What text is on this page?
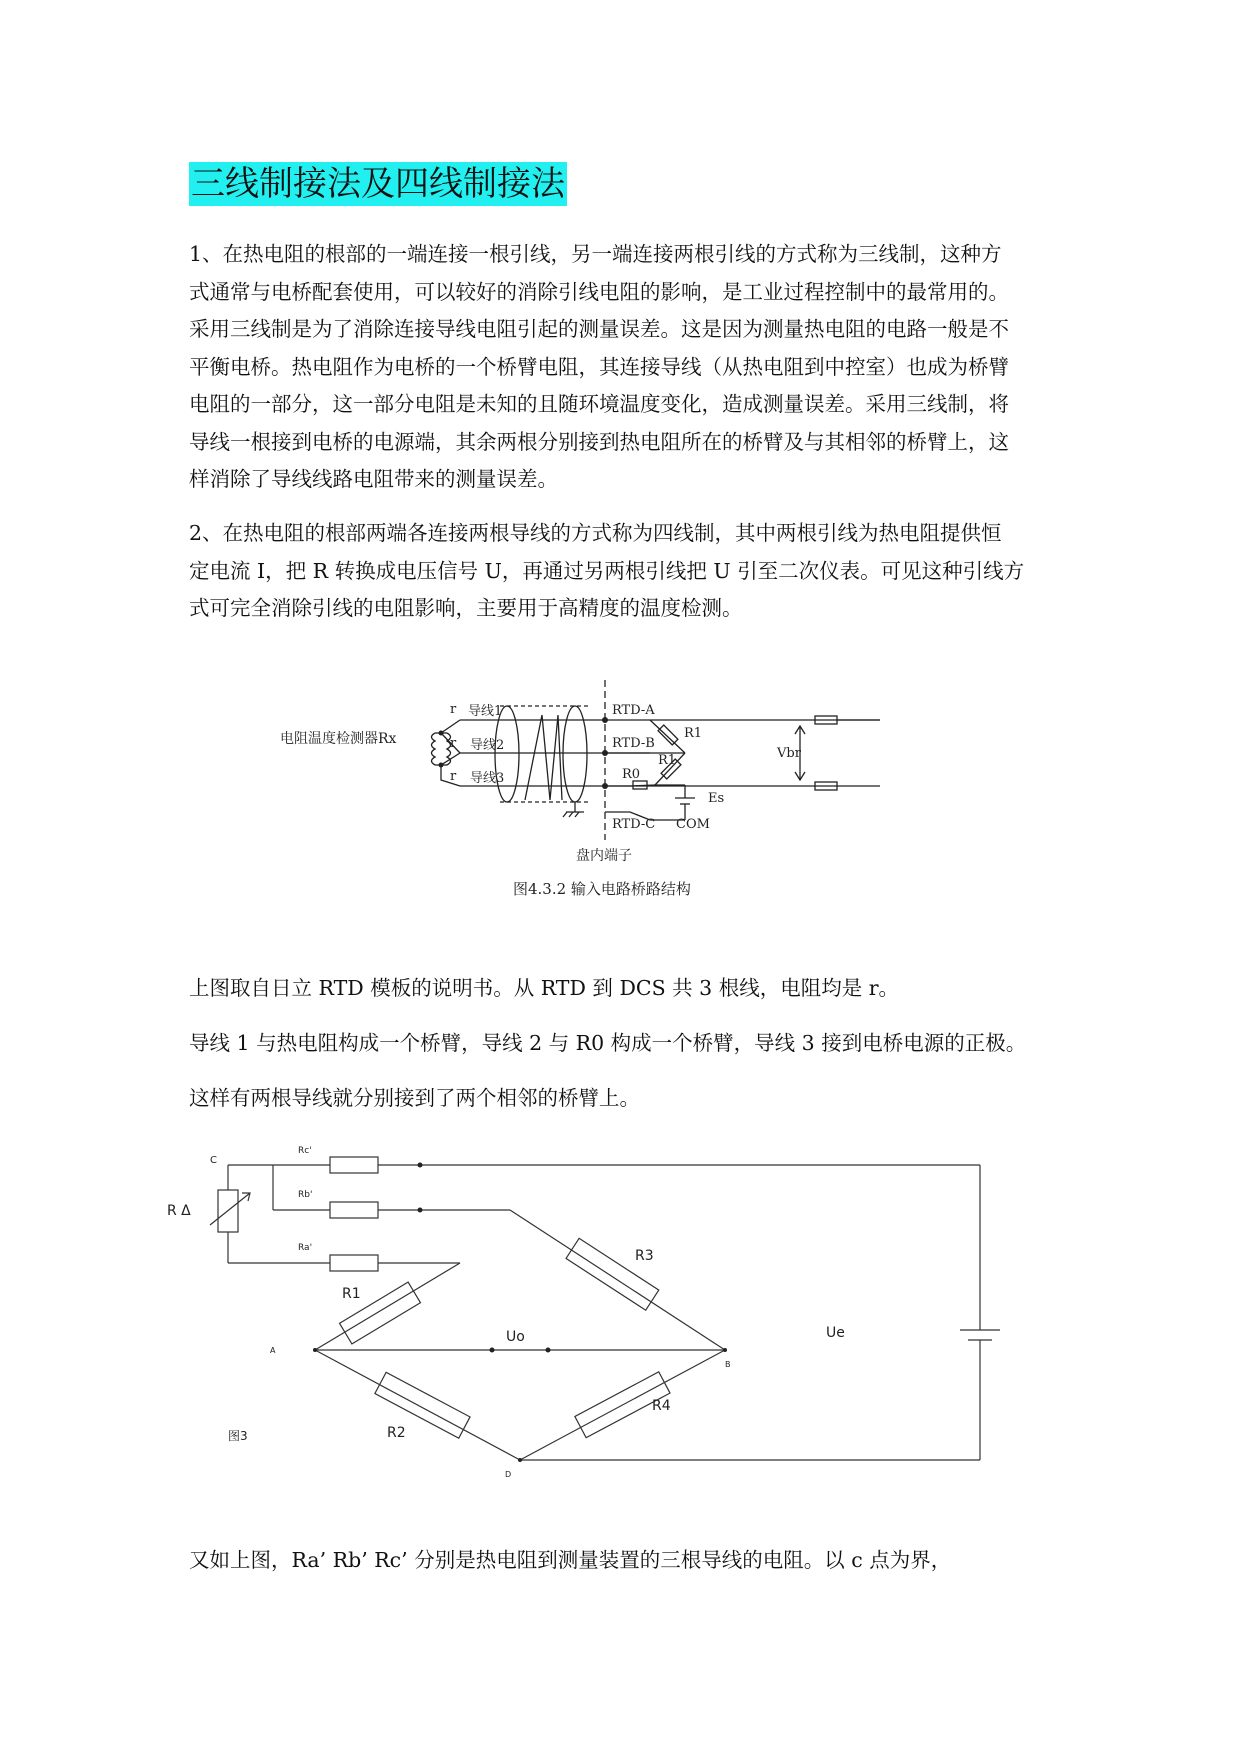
三线制接法及四线制接法

1、在热电阻的根部的一端连接一根引线，另一端连接两根引线的方式称为三线制，这种方
式通常与电桥配套使用，可以较好的消除引线电阻的影响，是工业过程控制中的最常用的。
采用三线制是为了消除连接导线电阻引起的测量误差。这是因为测量热电阻的电路一般是不
平衡电桥。热电阻作为电桥的一个桥臂电阻，其连接导线（从热电阻到中控室）也成为桥臂
电阻的一部分，这一部分电阻是未知的且随环境温度变化，造成测量误差。采用三线制，将
导线一根接到电桥的电源端，其余两根分别接到热电阻所在的桥臂及与其相邻的桥臂上，这
样消除了导线线路电阻带来的测量误差。

2、在热电阻的根部两端各连接两根导线的方式称为四线制，其中两根引线为热电阻提供恒
定电流 I，把 R 转换成电压信号 U，再通过另两根引线把 U 引至二次仪表。可见这种引线方
式可完全消除引线的电阻影响，主要用于高精度的温度检测。

电阻温度检测器Rx
r
r
r
导线1
导线2
导线3
RTD-A
RTD-B
RTD-C
R0
R1
R1
Es
COM
Vbr
盘内端子
图4.3.2 输入电路桥路结构

上图取自日立 RTD 模板的说明书。从 RTD 到 DCS 共 3 根线，电阻均是 r。

导线 1 与热电阻构成一个桥臂，导线 2 与 R0 构成一个桥臂，导线 3 接到电桥电源的正极。

这样有两根导线就分别接到了两个相邻的桥臂上。

C
Rc'
Rb'
Ra'
R Δ
R1
R2
R3
R4
Uo	Ue
A
B
D
图3

又如上图，Ra’ Rb’ Rc’ 分别是热电阻到测量装置的三根导线的电阻。以 c 点为界，
